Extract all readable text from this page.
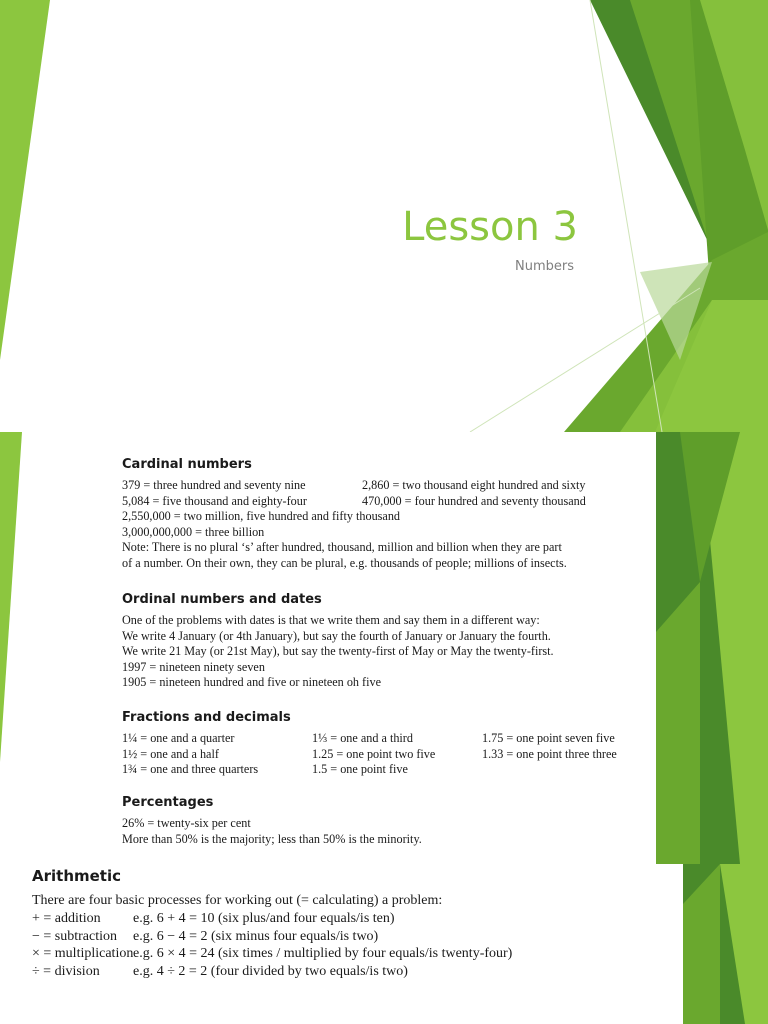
Lesson 3
Numbers
Cardinal numbers
379 = three hundred and seventy nine	2,860 = two thousand eight hundred and sixty
5,084 = five thousand and eighty-four	470,000 = four hundred and seventy thousand
2,550,000 = two million, five hundred and fifty thousand
3,000,000,000 = three billion
Note: There is no plural ‘s’ after hundred, thousand, million and billion when they are part
of a number. On their own, they can be plural, e.g. thousands of people; millions of insects.
Ordinal numbers and dates
One of the problems with dates is that we write them and say them in a different way:
We write 4 January (or 4th January), but say the fourth of January or January the fourth.
We write 21 May (or 21st May), but say the twenty-first of May or May the twenty-first.
1997 = nineteen ninety seven
1905 = nineteen hundred and five or nineteen oh five
Fractions and decimals
1¼ = one and a quarter	1⅓ = one and a third	1.75 = one point seven five
1½ = one and a half	1.25 = one point two five	1.33 = one point three three
1¾ = one and three quarters	1.5 = one point five
Percentages
26% = twenty-six per cent
More than 50% is the majority; less than 50% is the minority.
Arithmetic
There are four basic processes for working out (= calculating) a problem:
+ = addition	e.g. 6 + 4 = 10 (six plus/and four equals/is ten)
− = subtraction	e.g. 6 − 4 = 2 (six minus four equals/is two)
× = multiplication e.g. 6 × 4 = 24 (six times / multiplied by four equals/is twenty-four)
÷ = division	e.g. 4 ÷ 2 = 2 (four divided by two equals/is two)
